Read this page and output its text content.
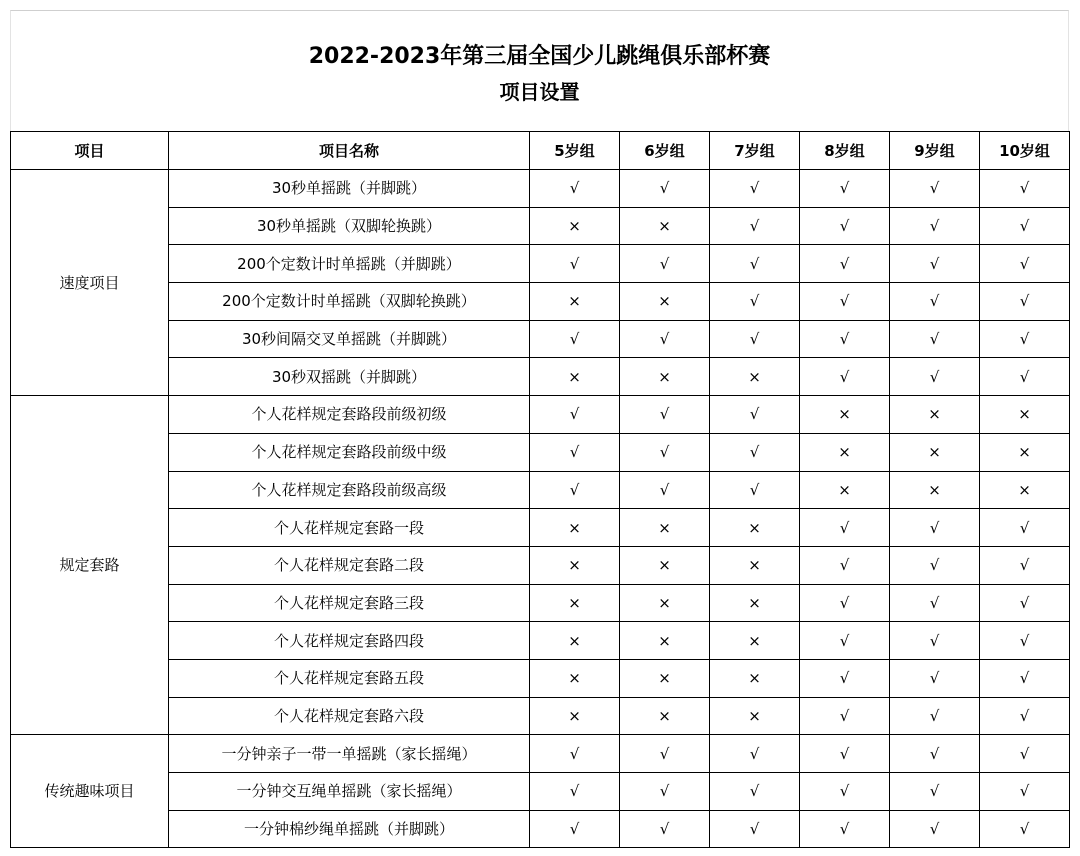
2022-2023年第三届全国少儿跳绳俱乐部杯赛
项目设置
项目	项目名称	5岁组	6岁组	7岁组	8岁组	9岁组	10岁组
速度项目	30秒单摇跳（并脚跳）	√	√	√	√	√	√
	30秒单摇跳（双脚轮换跳）	×	×	√	√	√	√
	200个定数计时单摇跳（并脚跳）	√	√	√	√	√	√
	200个定数计时单摇跳（双脚轮换跳）	×	×	√	√	√	√
	30秒间隔交叉单摇跳（并脚跳）	√	√	√	√	√	√
	30秒双摇跳（并脚跳）	×	×	×	√	√	√
规定套路	个人花样规定套路段前级初级	√	√	√	×	×	×
	个人花样规定套路段前级中级	√	√	√	×	×	×
	个人花样规定套路段前级高级	√	√	√	×	×	×
	个人花样规定套路一段	×	×	×	√	√	√
	个人花样规定套路二段	×	×	×	√	√	√
	个人花样规定套路三段	×	×	×	√	√	√
	个人花样规定套路四段	×	×	×	√	√	√
	个人花样规定套路五段	×	×	×	√	√	√
	个人花样规定套路六段	×	×	×	√	√	√
传统趣味项目	一分钟亲子一带一单摇跳（家长摇绳）	√	√	√	√	√	√
	一分钟交互绳单摇跳（家长摇绳）	√	√	√	√	√	√
	一分钟棉纱绳单摇跳（并脚跳）	√	√	√	√	√	√
